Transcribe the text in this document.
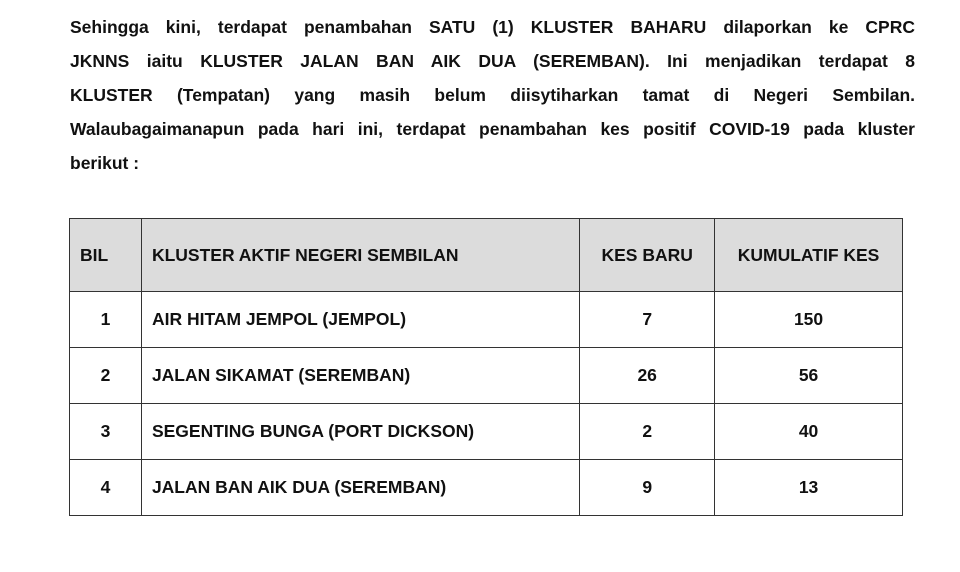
Sehingga kini, terdapat penambahan SATU (1) KLUSTER BAHARU dilaporkan ke CPRC
JKNNS iaitu KLUSTER JALAN BAN AIK DUA (SEREMBAN). Ini menjadikan terdapat 8
KLUSTER (Tempatan) yang masih belum diisytiharkan tamat di Negeri Sembilan.
Walaubagaimanapun pada hari ini, terdapat penambahan kes positif COVID-19 pada kluster
berikut :

BIL	KLUSTER AKTIF NEGERI SEMBILAN	KES BARU	KUMULATIF KES
1	AIR HITAM JEMPOL (JEMPOL)	7	150
2	JALAN SIKAMAT (SEREMBAN)	26	56
3	SEGENTING BUNGA (PORT DICKSON)	2	40
4	JALAN BAN AIK DUA (SEREMBAN)	9	13
